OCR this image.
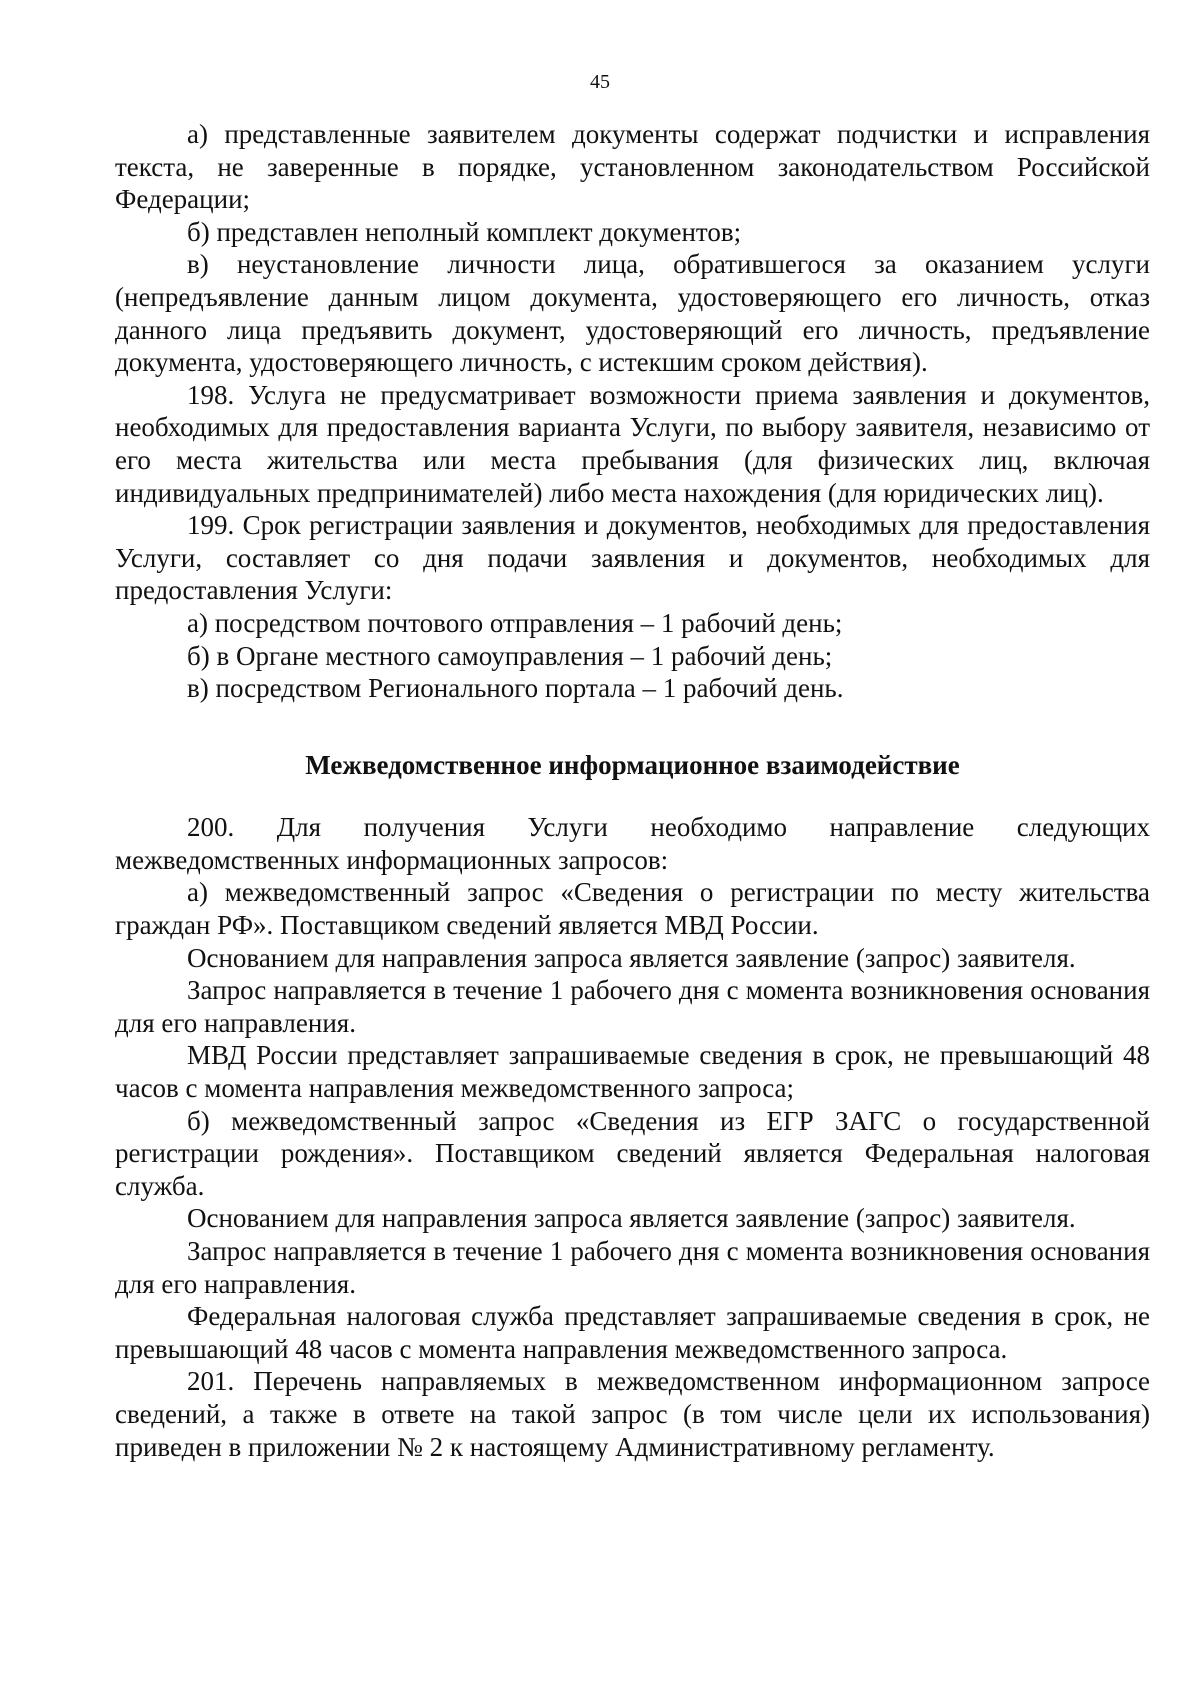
45

а) представленные заявителем документы содержат подчистки и исправления текста, не заверенные в порядке, установленном законодательством Российской Федерации;

б) представлен неполный комплект документов;

в) неустановление личности лица, обратившегося за оказанием услуги (непредъявление данным лицом документа, удостоверяющего его личность, отказ данного лица предъявить документ, удостоверяющий его личность, предъявление документа, удостоверяющего личность, с истекшим сроком действия).

198. Услуга не предусматривает возможности приема заявления и документов, необходимых для предоставления варианта Услуги, по выбору заявителя, независимо от его места жительства или места пребывания (для физических лиц, включая индивидуальных предпринимателей) либо места нахождения (для юридических лиц).

199. Срок регистрации заявления и документов, необходимых для предоставления Услуги, составляет со дня подачи заявления и документов, необходимых для предоставления Услуги:

а) посредством почтового отправления – 1 рабочий день;

б) в Органе местного самоуправления – 1 рабочий день;

в) посредством Регионального портала – 1 рабочий день.

Межведомственное информационное взаимодействие

200. Для получения Услуги необходимо направление следующих межведомственных информационных запросов:

а) межведомственный запрос «Сведения о регистрации по месту жительства граждан РФ». Поставщиком сведений является МВД России.

Основанием для направления запроса является заявление (запрос) заявителя.

Запрос направляется в течение 1 рабочего дня с момента возникновения основания для его направления.

МВД России представляет запрашиваемые сведения в срок, не превышающий 48 часов с момента направления межведомственного запроса;

б) межведомственный запрос «Сведения из ЕГР ЗАГС о государственной регистрации рождения». Поставщиком сведений является Федеральная налоговая служба.

Основанием для направления запроса является заявление (запрос) заявителя.

Запрос направляется в течение 1 рабочего дня с момента возникновения основания для его направления.

Федеральная налоговая служба представляет запрашиваемые сведения в срок, не превышающий 48 часов с момента направления межведомственного запроса.

201. Перечень направляемых в межведомственном информационном запросе сведений, а также в ответе на такой запрос (в том числе цели их использования) приведен в приложении № 2 к настоящему Административному регламенту.
